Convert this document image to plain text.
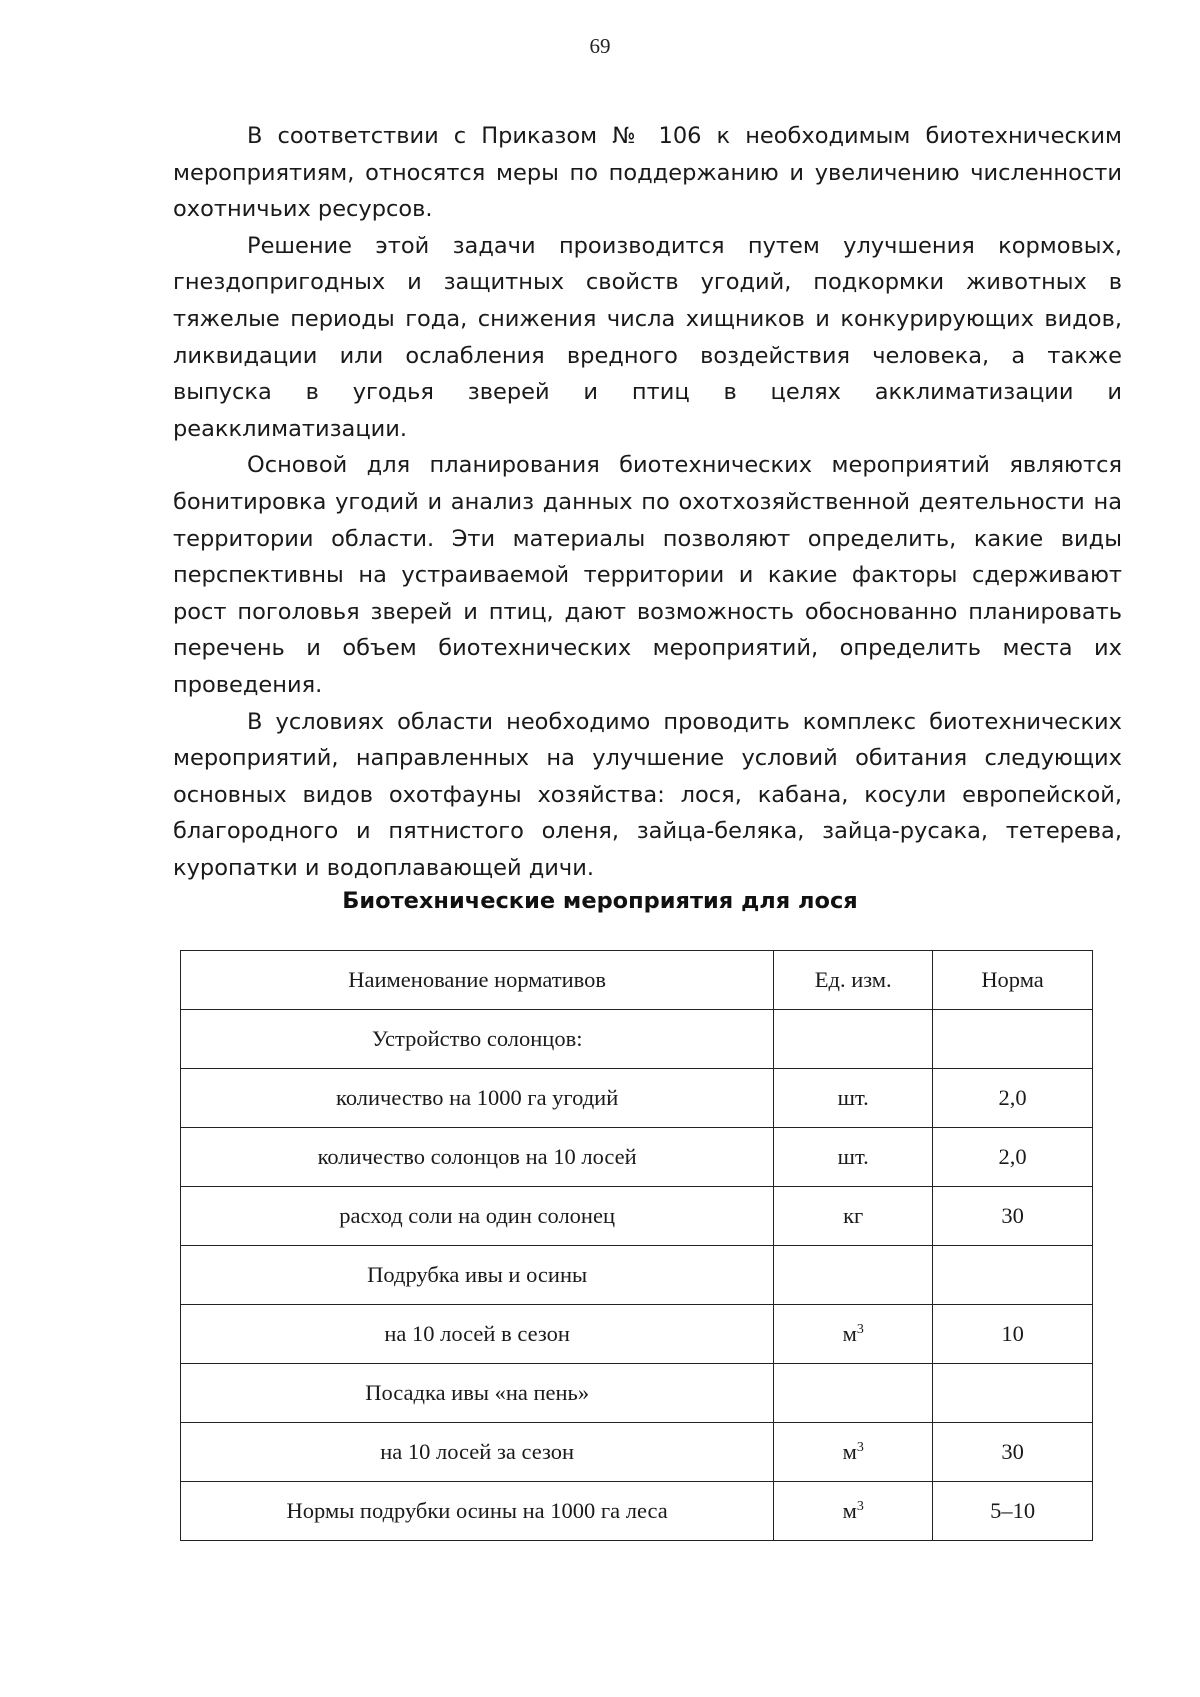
69

В соответствии с Приказом № 106 к необходимым биотехническим мероприятиям, относятся меры по поддержанию и увеличению численности охотничьих ресурсов.

Решение этой задачи производится путем улучшения кормовых, гнездопригодных и защитных свойств угодий, подкормки животных в тяжелые периоды года, снижения числа хищников и конкурирующих видов, ликвидации или ослабления вредного воздействия человека, а также выпуска в угодья зверей и птиц в целях акклиматизации и реакклиматизации.

Основой для планирования биотехнических мероприятий являются бонитировка угодий и анализ данных по охотхозяйственной деятельности на территории области. Эти материалы позволяют определить, какие виды перспективны на устраиваемой территории и какие факторы сдерживают рост поголовья зверей и птиц, дают возможность обоснованно планировать перечень и объем биотехнических мероприятий, определить места их проведения.

В условиях области необходимо проводить комплекс биотехнических мероприятий, направленных на улучшение условий обитания следующих основных видов охотфауны хозяйства: лося, кабана, косули европейской, благородного и пятнистого оленя, зайца-беляка, зайца-русака, тетерева, куропатки и водоплавающей дичи.

Биотехнические мероприятия для лося
Наименование нормативов	Ед. изм.	Норма
Устройство солонцов:		
количество на 1000 га угодий	шт.	2,0
количество солонцов на 10 лосей	шт.	2,0
расход соли на один солонец	кг	30
Подрубка ивы и осины		
на 10 лосей в сезон	$м^3$	10
Посадка ивы «на пень»		
на 10 лосей за сезон	$м^3$	30
Нормы подрубки осины на 1000 га леса	$м^3$	5–10
